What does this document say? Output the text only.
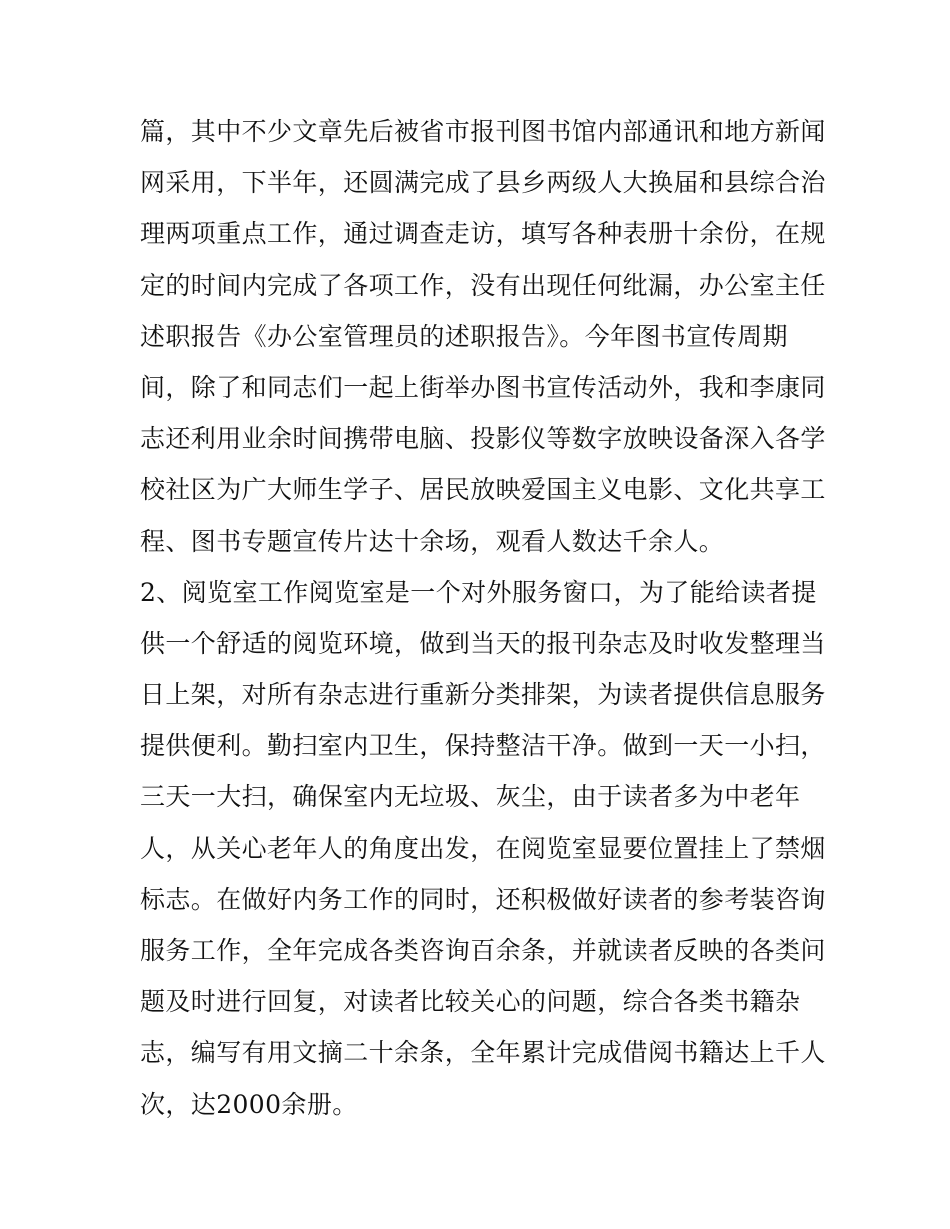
篇，其中不少文章先后被省市报刊图书馆内部通讯和地方新闻
网采用，下半年，还圆满完成了县乡两级人大换届和县综合治
理两项重点工作，通过调查走访，填写各种表册十余份，在规
定的时间内完成了各项工作，没有出现任何纰漏，办公室主任
述职报告《办公室管理员的述职报告》。今年图书宣传周期
间，除了和同志们一起上街举办图书宣传活动外，我和李康同
志还利用业余时间携带电脑、投影仪等数字放映设备深入各学
校社区为广大师生学子、居民放映爱国主义电影、文化共享工
程、图书专题宣传片达十余场，观看人数达千余人。
2、阅览室工作阅览室是一个对外服务窗口，为了能给读者提
供一个舒适的阅览环境，做到当天的报刊杂志及时收发整理当
日上架，对所有杂志进行重新分类排架，为读者提供信息服务
提供便利。勤扫室内卫生，保持整洁干净。做到一天一小扫，
三天一大扫，确保室内无垃圾、灰尘，由于读者多为中老年
人，从关心老年人的角度出发，在阅览室显要位置挂上了禁烟
标志。在做好内务工作的同时，还积极做好读者的参考装咨询
服务工作，全年完成各类咨询百余条，并就读者反映的各类问
题及时进行回复，对读者比较关心的问题，综合各类书籍杂
志，编写有用文摘二十余条，全年累计完成借阅书籍达上千人
次，达2000余册。
